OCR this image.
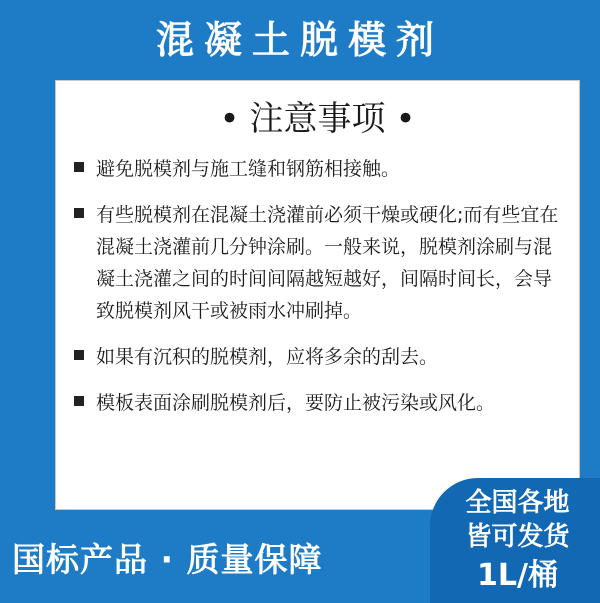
混凝土脱模剂
• 注意事项 •
避免脱模剂与施工缝和钢筋相接触。
有些脱模剂在混凝土浇灌前必须干燥或硬化;而有些宜在混凝土浇灌前几分钟涂刷。一般来说，脱模剂涂刷与混凝土浇灌之间的时间间隔越短越好，间隔时间长，会导致脱模剂风干或被雨水冲刷掉。
如果有沉积的脱模剂，应将多余的刮去。
模板表面涂刷脱模剂后，要防止被污染或风化。
国标产品 · 质量保障
全国各地
皆可发货
1L/桶
